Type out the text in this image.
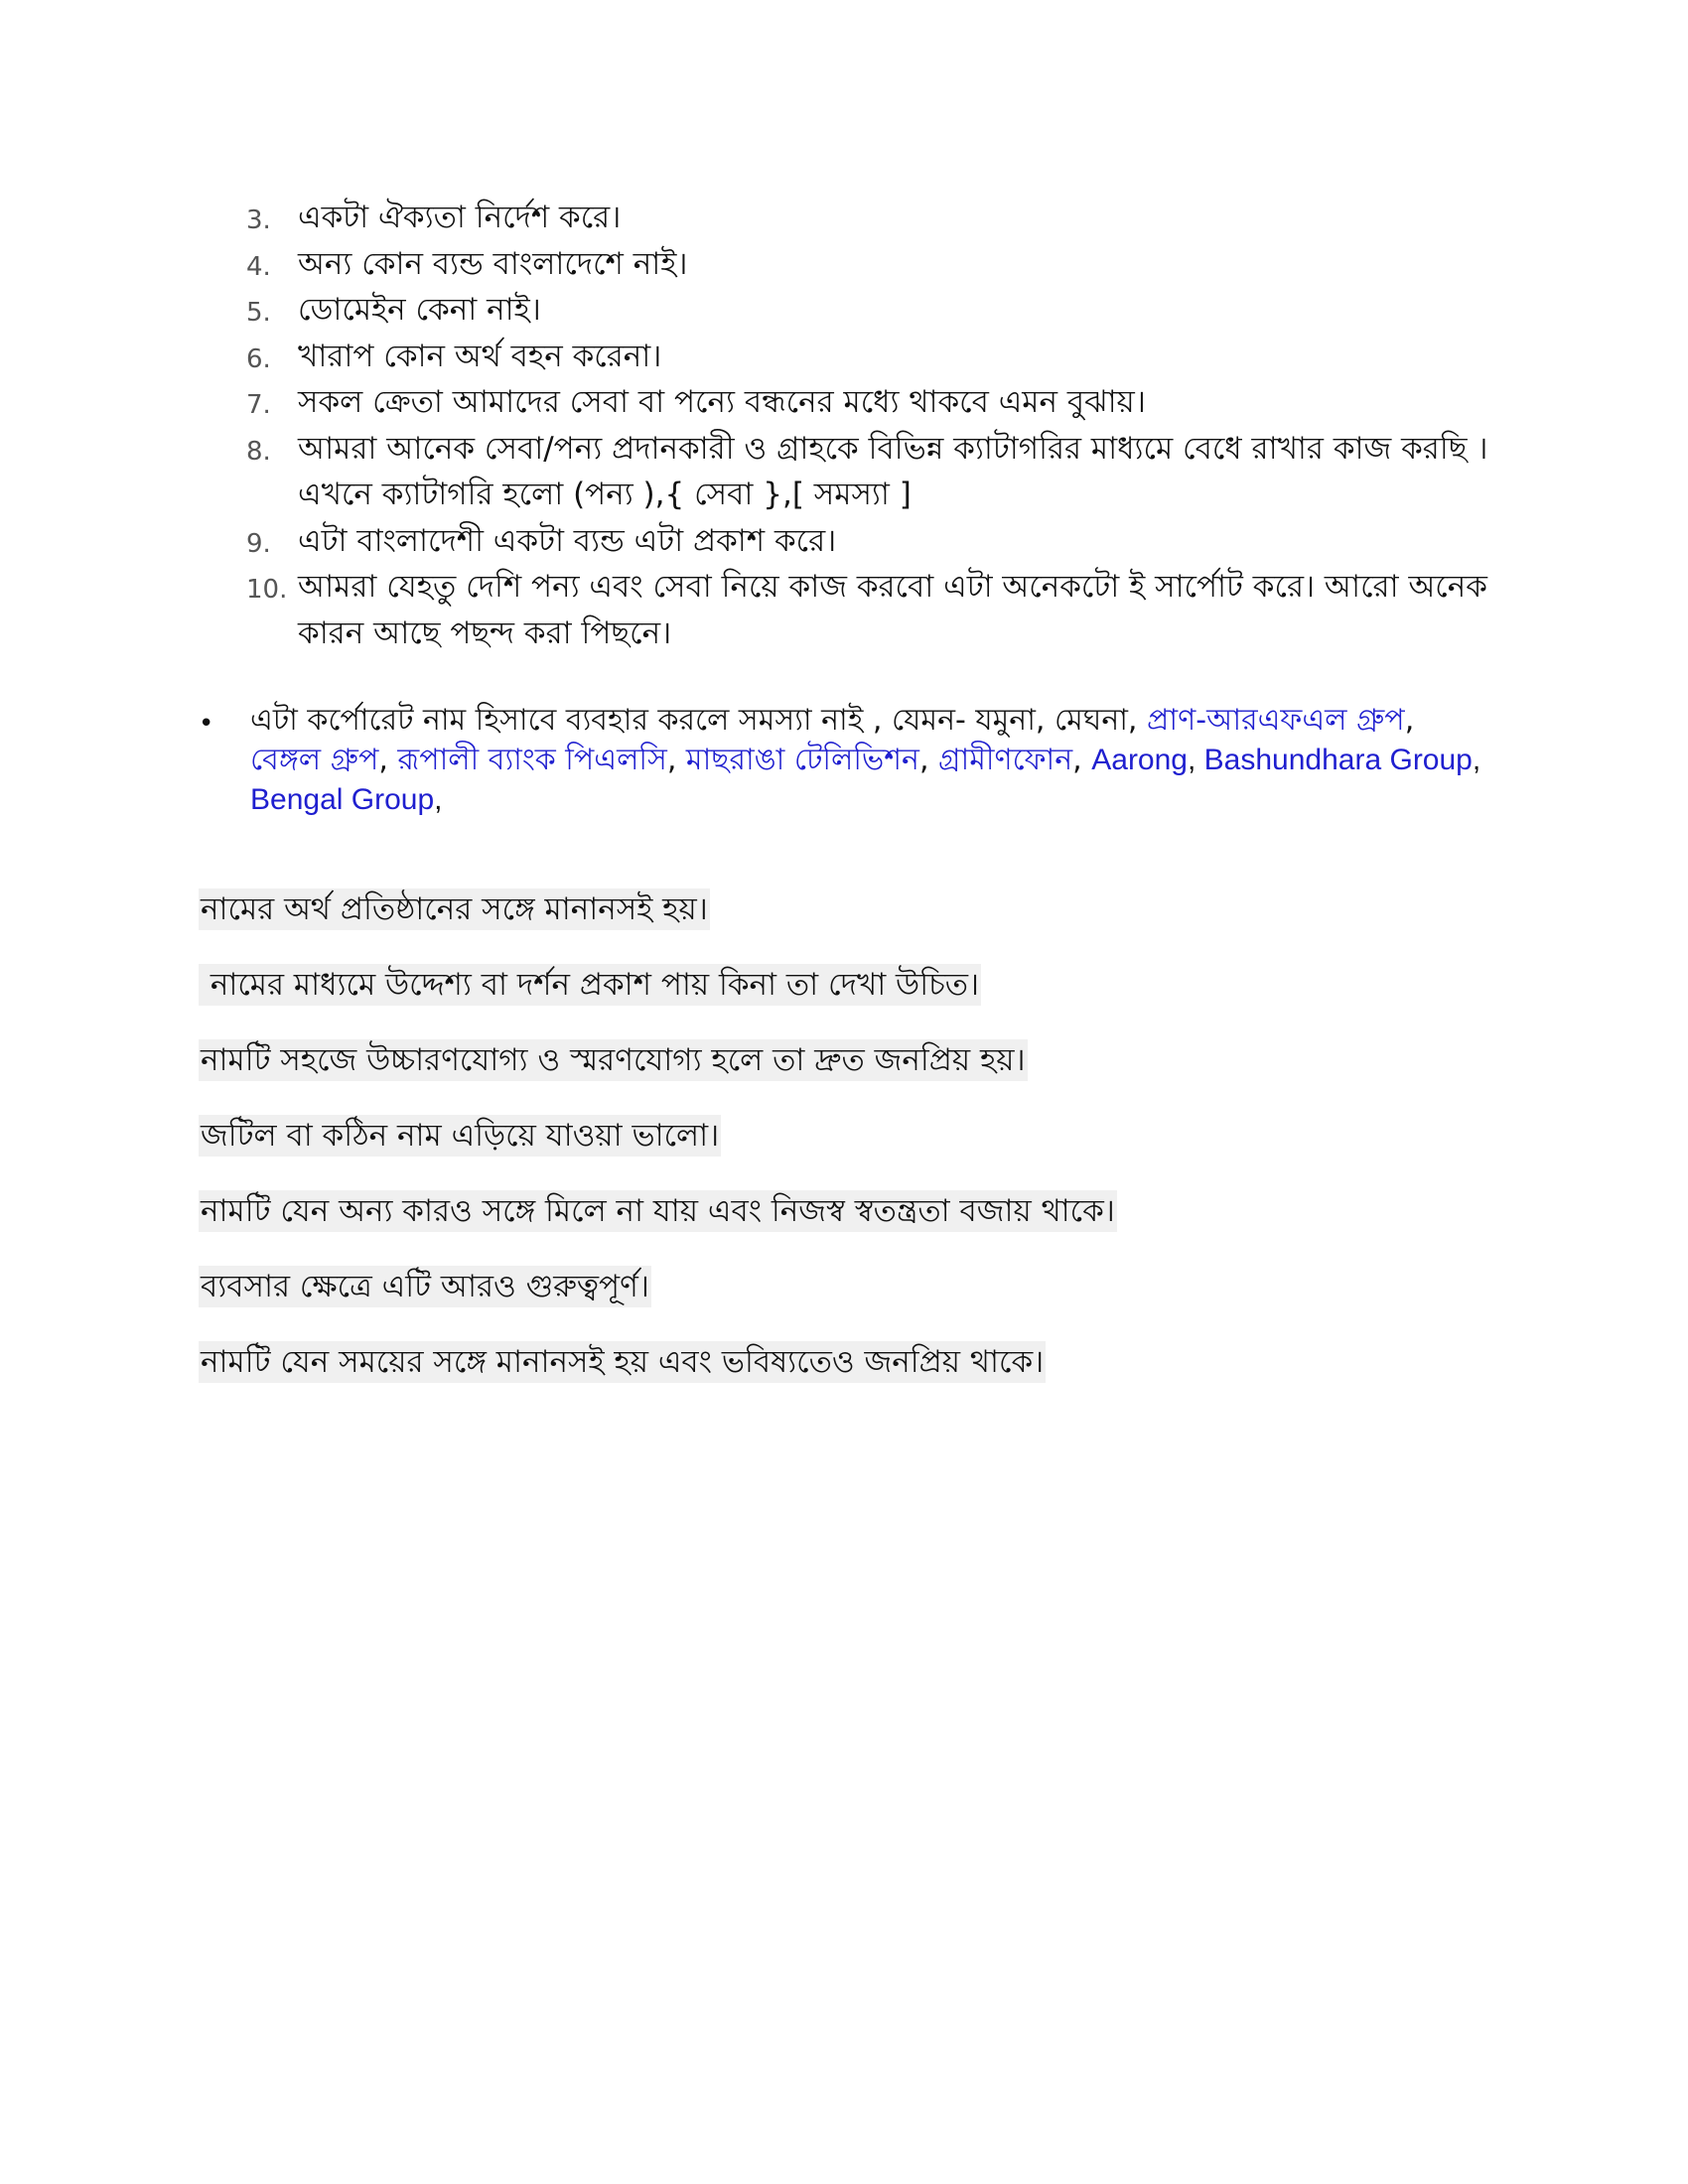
3. একটা ঐক্যতা নির্দেশ করে।
4. অন্য কোন ব্যন্ড বাংলাদেশে নাই।
5. ডোমেইন কেনা নাই।
6. খারাপ কোন অর্থ বহন করেনা।
7. সকল ক্রেতা আমাদের সেবা বা পন্যে বন্ধনের মধ্যে থাকবে এমন বুঝায়।
8. আমরা আনেক সেবা/পন্য প্রদানকারী ও গ্রাহকে বিভিন্ন ক্যাটাগরির মাধ্যমে বেধে রাখার কাজ করছি । এখনে ক্যাটাগরি হলো (পন্য ),{ সেবা },[ সমস্যা ]
9. এটা বাংলাদেশী একটা ব্যন্ড এটা প্রকাশ করে।
10. আমরা যেহতু দেশি পন্য এবং সেবা নিয়ে কাজ করবো এটা অনেকটাে ই সার্পোট করে। আরো অনেক কারন আছে পছন্দ করা পিছনে।
• এটা কর্পোরেট নাম হিসাবে ব্যবহার করলে সমস্যা নাই , যেমন- যমুনা, মেঘনা, প্রাণ-আরএফএল গ্রুপ, বেঙ্গল গ্রুপ, রূপালী ব্যাংক পিএলসি, মাছরাঙা টেলিভিশন, গ্রামীণফোন, Aarong, Bashundhara Group, Bengal Group,
নামের অর্থ প্রতিষ্ঠানের সঙ্গে মানানসই হয়।
নামের মাধ্যমে উদ্দেশ্য বা দর্শন প্রকাশ পায় কিনা তা দেখা উচিত।
নামটি সহজে উচ্চারণযোগ্য ও স্মরণযোগ্য হলে তা দ্রুত জনপ্রিয় হয়।
জটিল বা কঠিন নাম এড়িয়ে যাওয়া ভালো।
নামটি যেন অন্য কারও সঙ্গে মিলে না যায় এবং নিজস্ব স্বতন্ত্রতা বজায় থাকে।
ব্যবসার ক্ষেত্রে এটি আরও গুরুত্বপূর্ণ।
নামটি যেন সময়ের সঙ্গে মানানসই হয় এবং ভবিষ্যতেও জনপ্রিয় থাকে।
